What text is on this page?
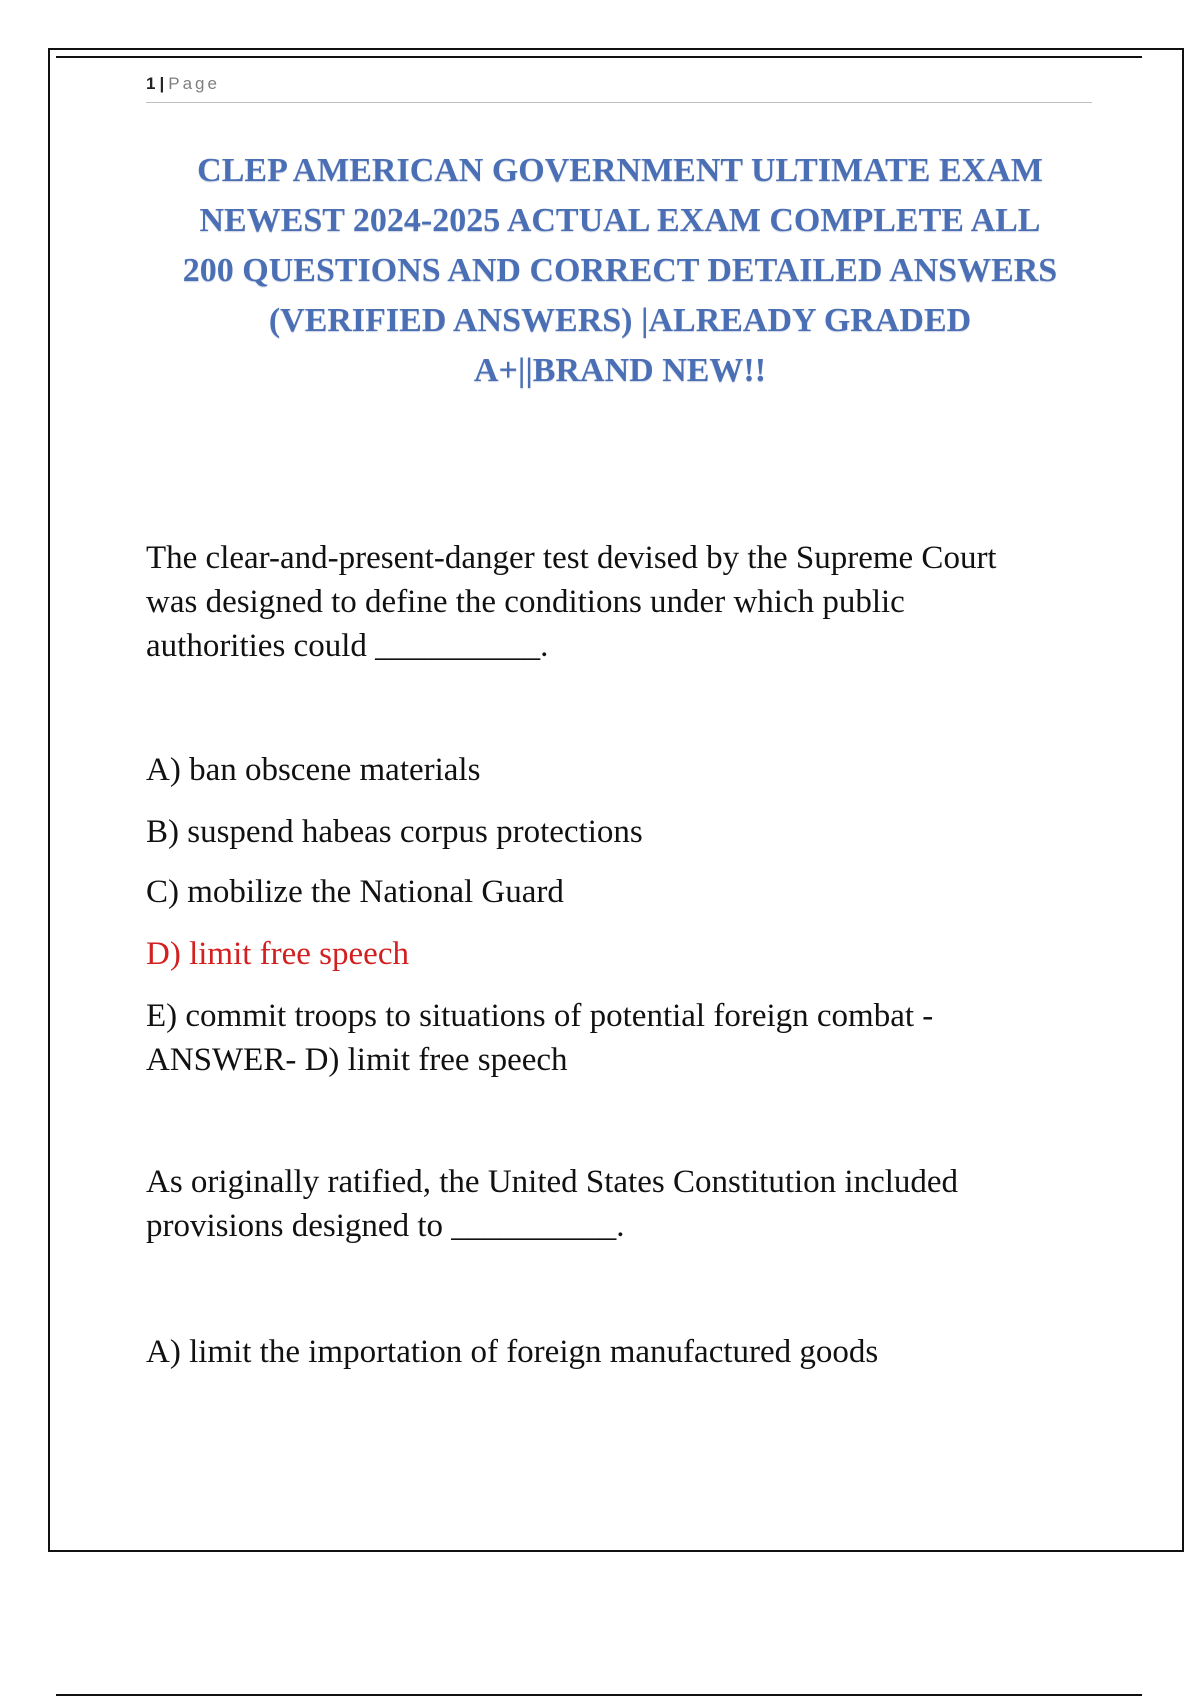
1 | Page
CLEP AMERICAN GOVERNMENT ULTIMATE EXAM
NEWEST 2024-2025 ACTUAL EXAM COMPLETE ALL
200 QUESTIONS AND CORRECT DETAILED ANSWERS
(VERIFIED ANSWERS) |ALREADY GRADED
A+||BRAND NEW!!
The clear-and-present-danger test devised by the Supreme Court
was designed to define the conditions under which public
authorities could __________.
A) ban obscene materials
B) suspend habeas corpus protections
C) mobilize the National Guard
D) limit free speech
E) commit troops to situations of potential foreign combat -
ANSWER- D) limit free speech
As originally ratified, the United States Constitution included
provisions designed to __________.
A) limit the importation of foreign manufactured goods
